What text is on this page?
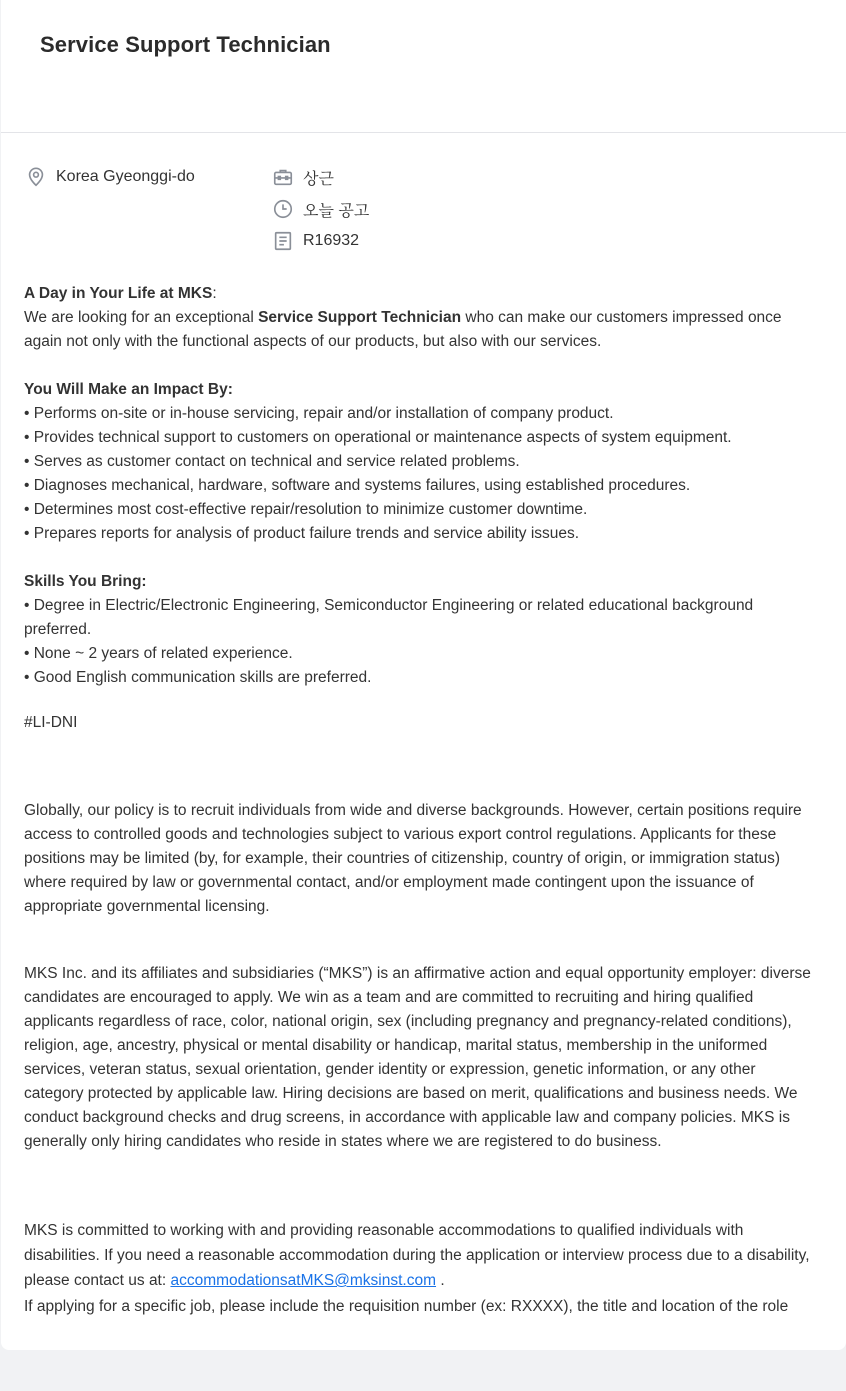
Service Support Technician
Korea Gyeonggi-do	상근
오늘 공고
R16932

A Day in Your Life at MKS:

We are looking for an exceptional Service Support Technician who can make our customers impressed once again not only with the functional aspects of our products, but also with our services.

You Will Make an Impact By:

• Performs on-site or in-house servicing, repair and/or installation of company product.

• Provides technical support to customers on operational or maintenance aspects of system equipment.

• Serves as customer contact on technical and service related problems.

• Diagnoses mechanical, hardware, software and systems failures, using established procedures.

• Determines most cost-effective repair/resolution to minimize customer downtime.

• Prepares reports for analysis of product failure trends and service ability issues.

Skills You Bring:

• Degree in Electric/Electronic Engineering, Semiconductor Engineering or related educational background preferred.

• None ~ 2 years of related experience.

• Good English communication skills are preferred.

#LI-DNI

Globally, our policy is to recruit individuals from wide and diverse backgrounds. However, certain positions require access to controlled goods and technologies subject to various export control regulations. Applicants for these positions may be limited (by, for example, their countries of citizenship, country of origin, or immigration status) where required by law or governmental contact, and/or employment made contingent upon the issuance of appropriate governmental licensing.

MKS Inc. and its affiliates and subsidiaries (“MKS”) is an affirmative action and equal opportunity employer: diverse candidates are encouraged to apply. We win as a team and are committed to recruiting and hiring qualified applicants regardless of race, color, national origin, sex (including pregnancy and pregnancy-related conditions), religion, age, ancestry, physical or mental disability or handicap, marital status, membership in the uniformed services, veteran status, sexual orientation, gender identity or expression, genetic information, or any other category protected by applicable law. Hiring decisions are based on merit, qualifications and business needs. We conduct background checks and drug screens, in accordance with applicable law and company policies. MKS is generally only hiring candidates who reside in states where we are registered to do business.

MKS is committed to working with and providing reasonable accommodations to qualified individuals with disabilities. If you need a reasonable accommodation during the application or interview process due to a disability, please contact us at: accommodationsatMKS@mksinst.com .

If applying for a specific job, please include the requisition number (ex: RXXXX), the title and location of the role
